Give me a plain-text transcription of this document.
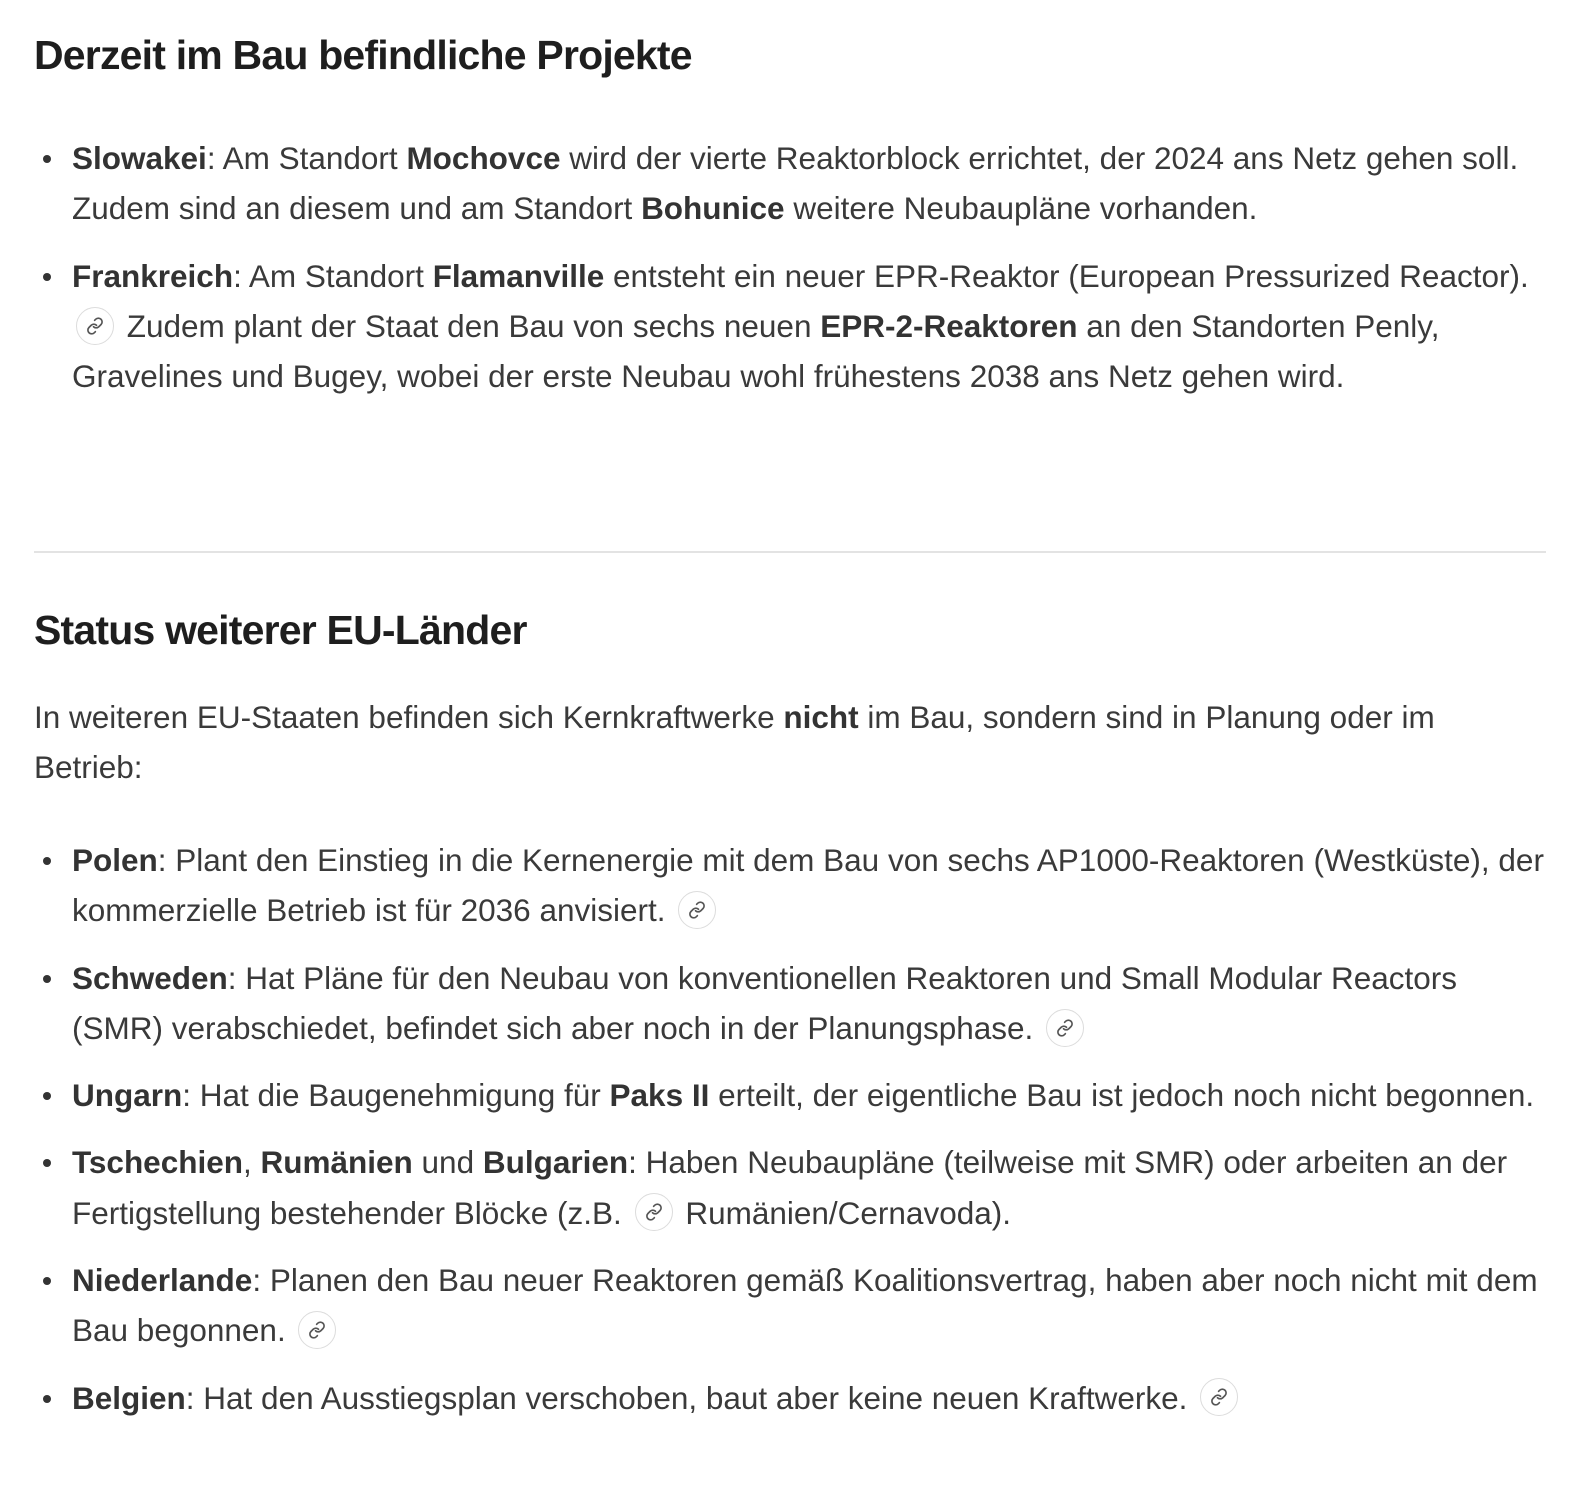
Derzeit im Bau befindliche Projekte
Slowakei: Am Standort Mochovce wird der vierte Reaktorblock errichtet, der 2024 ans Netz gehen soll. Zudem sind an diesem und am Standort Bohunice weitere Neubaupläne vorhanden.
Frankreich: Am Standort Flamanville entsteht ein neuer EPR-Reaktor (European Pressurized Reactor).
Zudem plant der Staat den Bau von sechs neuen EPR-2-Reaktoren an den Standorten Penly, Gravelines und Bugey, wobei der erste Neubau wohl frühestens 2038 ans Netz gehen wird.
Status weiterer EU-Länder

In weiteren EU-Staaten befinden sich Kernkraftwerke nicht im Bau, sondern sind in Planung oder im Betrieb:

Polen: Plant den Einstieg in die Kernenergie mit dem Bau von sechs AP1000-Reaktoren (Westküste), der kommerzielle Betrieb ist für 2036 anvisiert.
Schweden: Hat Pläne für den Neubau von konventionellen Reaktoren und Small Modular Reactors (SMR) verabschiedet, befindet sich aber noch in der Planungsphase.
Ungarn: Hat die Baugenehmigung für Paks II erteilt, der eigentliche Bau ist jedoch noch nicht begonnen.
Tschechien, Rumänien und Bulgarien: Haben Neubaupläne (teilweise mit SMR) oder arbeiten an der Fertigstellung bestehender Blöcke (z.B.
Rumänien/Cernavoda).
Niederlande: Planen den Bau neuer Reaktoren gemäß Koalitionsvertrag, haben aber noch nicht mit dem Bau begonnen.
Belgien: Hat den Ausstiegsplan verschoben, baut aber keine neuen Kraftwerke.
